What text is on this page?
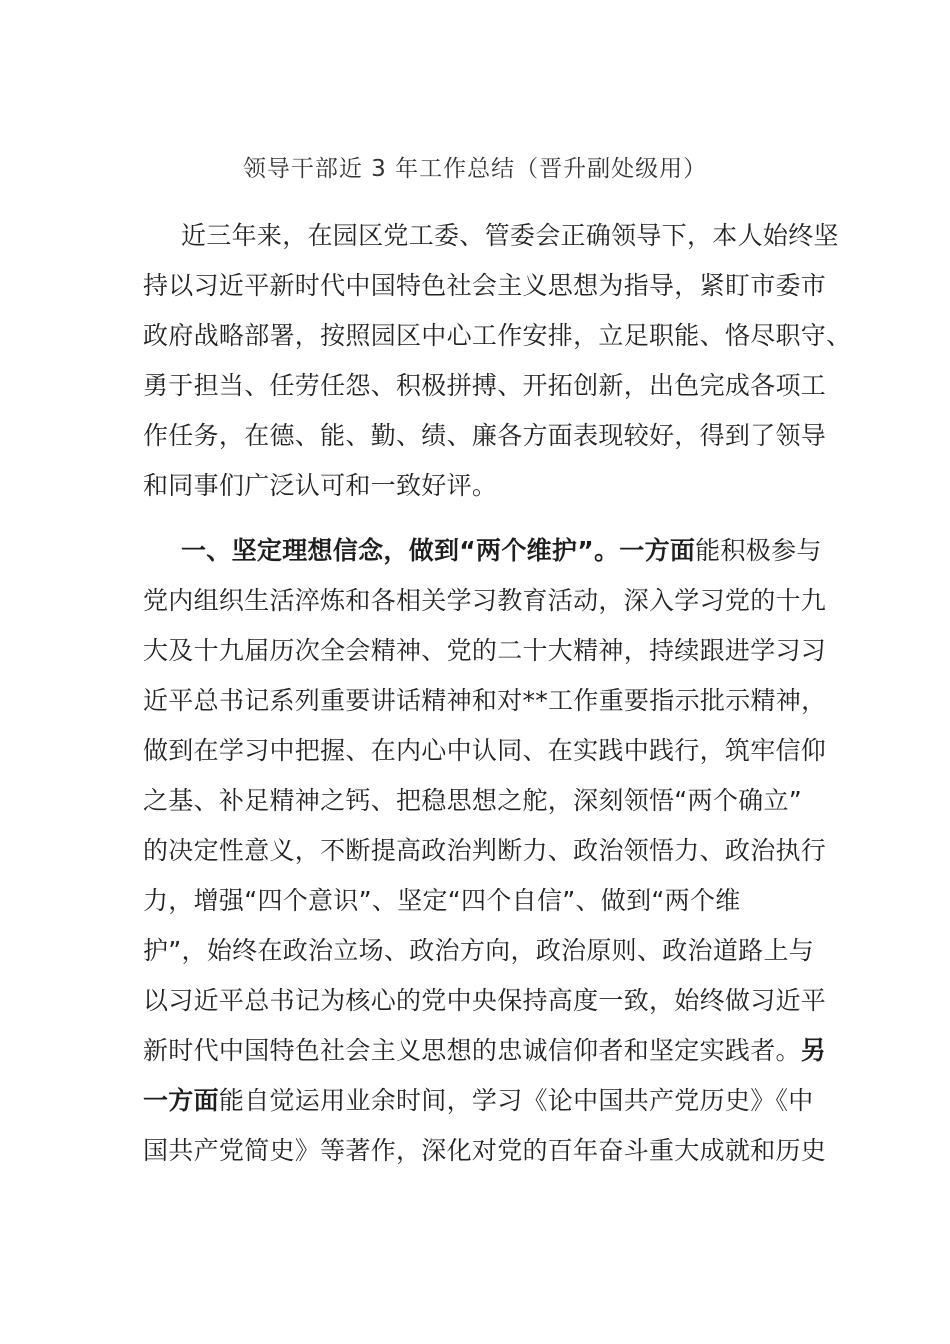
领导干部近 3 年工作总结（晋升副处级用）
近三年来，在园区党工委、管委会正确领导下，本人始终坚
持以习近平新时代中国特色社会主义思想为指导，紧盯市委市
政府战略部署，按照园区中心工作安排，立足职能、恪尽职守、
勇于担当、任劳任怨、积极拼搏、开拓创新，出色完成各项工
作任务，在德、能、勤、绩、廉各方面表现较好，得到了领导
和同事们广泛认可和一致好评。
一、坚定理想信念，做到“两个维护”。一方面能积极参与
党内组织生活淬炼和各相关学习教育活动，深入学习党的十九
大及十九届历次全会精神、党的二十大精神，持续跟进学习习
近平总书记系列重要讲话精神和对**工作重要指示批示精神，
做到在学习中把握、在内心中认同、在实践中践行，筑牢信仰
之基、补足精神之钙、把稳思想之舵，深刻领悟“两个确立”
的决定性意义，不断提高政治判断力、政治领悟力、政治执行
力，增强“四个意识”、坚定“四个自信”、做到“两个维
护”，始终在政治立场、政治方向，政治原则、政治道路上与
以习近平总书记为核心的党中央保持高度一致，始终做习近平
新时代中国特色社会主义思想的忠诚信仰者和坚定实践者。另
一方面能自觉运用业余时间，学习《论中国共产党历史》《中
国共产党简史》等著作，深化对党的百年奋斗重大成就和历史
